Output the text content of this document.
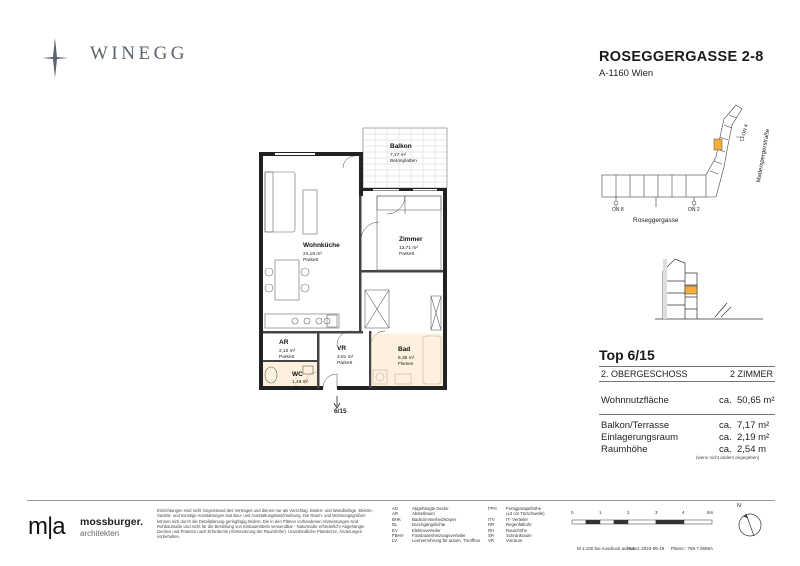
WINEGG	ROSEGGERGASSE 2-8
A-1160 Wien
ON 8	ON 2
ON 4
Roseggergasse
Maderspergerstraße
Top 6/15
2. OBERGESCHOSS	2 ZIMMER
Wohnnutzfläche	ca. 50,65 m²
Balkon/Terrasse	ca. 7,17 m²
Einlagerungsraum	ca. 2,19 m²
Raumhöhe	ca. 2,54 m
(wenn nicht anders angegeben)
Balkon
7,17 m²
Betonplatten
Wohnküche
24,18 m²
Parkett
Zimmer
13,71 m²
Parkett
AR
2,10 m²
Parkett
VR
3,81 m²
Parkett
Bad
5,36 m²
Fliesen
WC
1,49 m²
Fliesen
6/15
m|a mossburger.
architekten
Einrichtungen sind nicht Gegenstand des Vertrages und dienen nur als Vorschlag. Boden- und Wandbeläge, Elektro-, Sanitär- und sonstige Ausstattungen laut Bau- und Ausstattungsbeschreibung. Die Raum- und Wohnungsgrößen können sich durch die Detailplanung geringfügig ändern. Die in den Plänen vorhandenen Abmessungen sind Rohbaumaße und nicht für die Bestellung von Einbaumöbeln verwendbar - Naturmaße erforderlich! Abgehängte Decken und Poterien nach Erfordernis (Abminderung der Raumhöhe). Unverbindliche Planskizze, Änderungen vorbehalten.
AD	Abgehängte Decke
AR	Abstellraum
BHK	Badezimmerheizkörper
DL	Durchgangslichte
EV	Elektroverteiler
FBHV Fussbodenheizungsverteiler
LV	Leerverrohrung für autom. Türöffner
FPH Fertigparapethöhe
(±3 cm Türschwelle)
ITV	IT- Verteiler
RR	Regenfallrohr
RH	Raumhöhe
SR	Schrankraum
VR	Vorraum
0	1	2	3	4	5m
M 1:100 bei Ausdruck auf A4
Stand: 2024-06-19 Plannr.: 769.7.0658A
N
